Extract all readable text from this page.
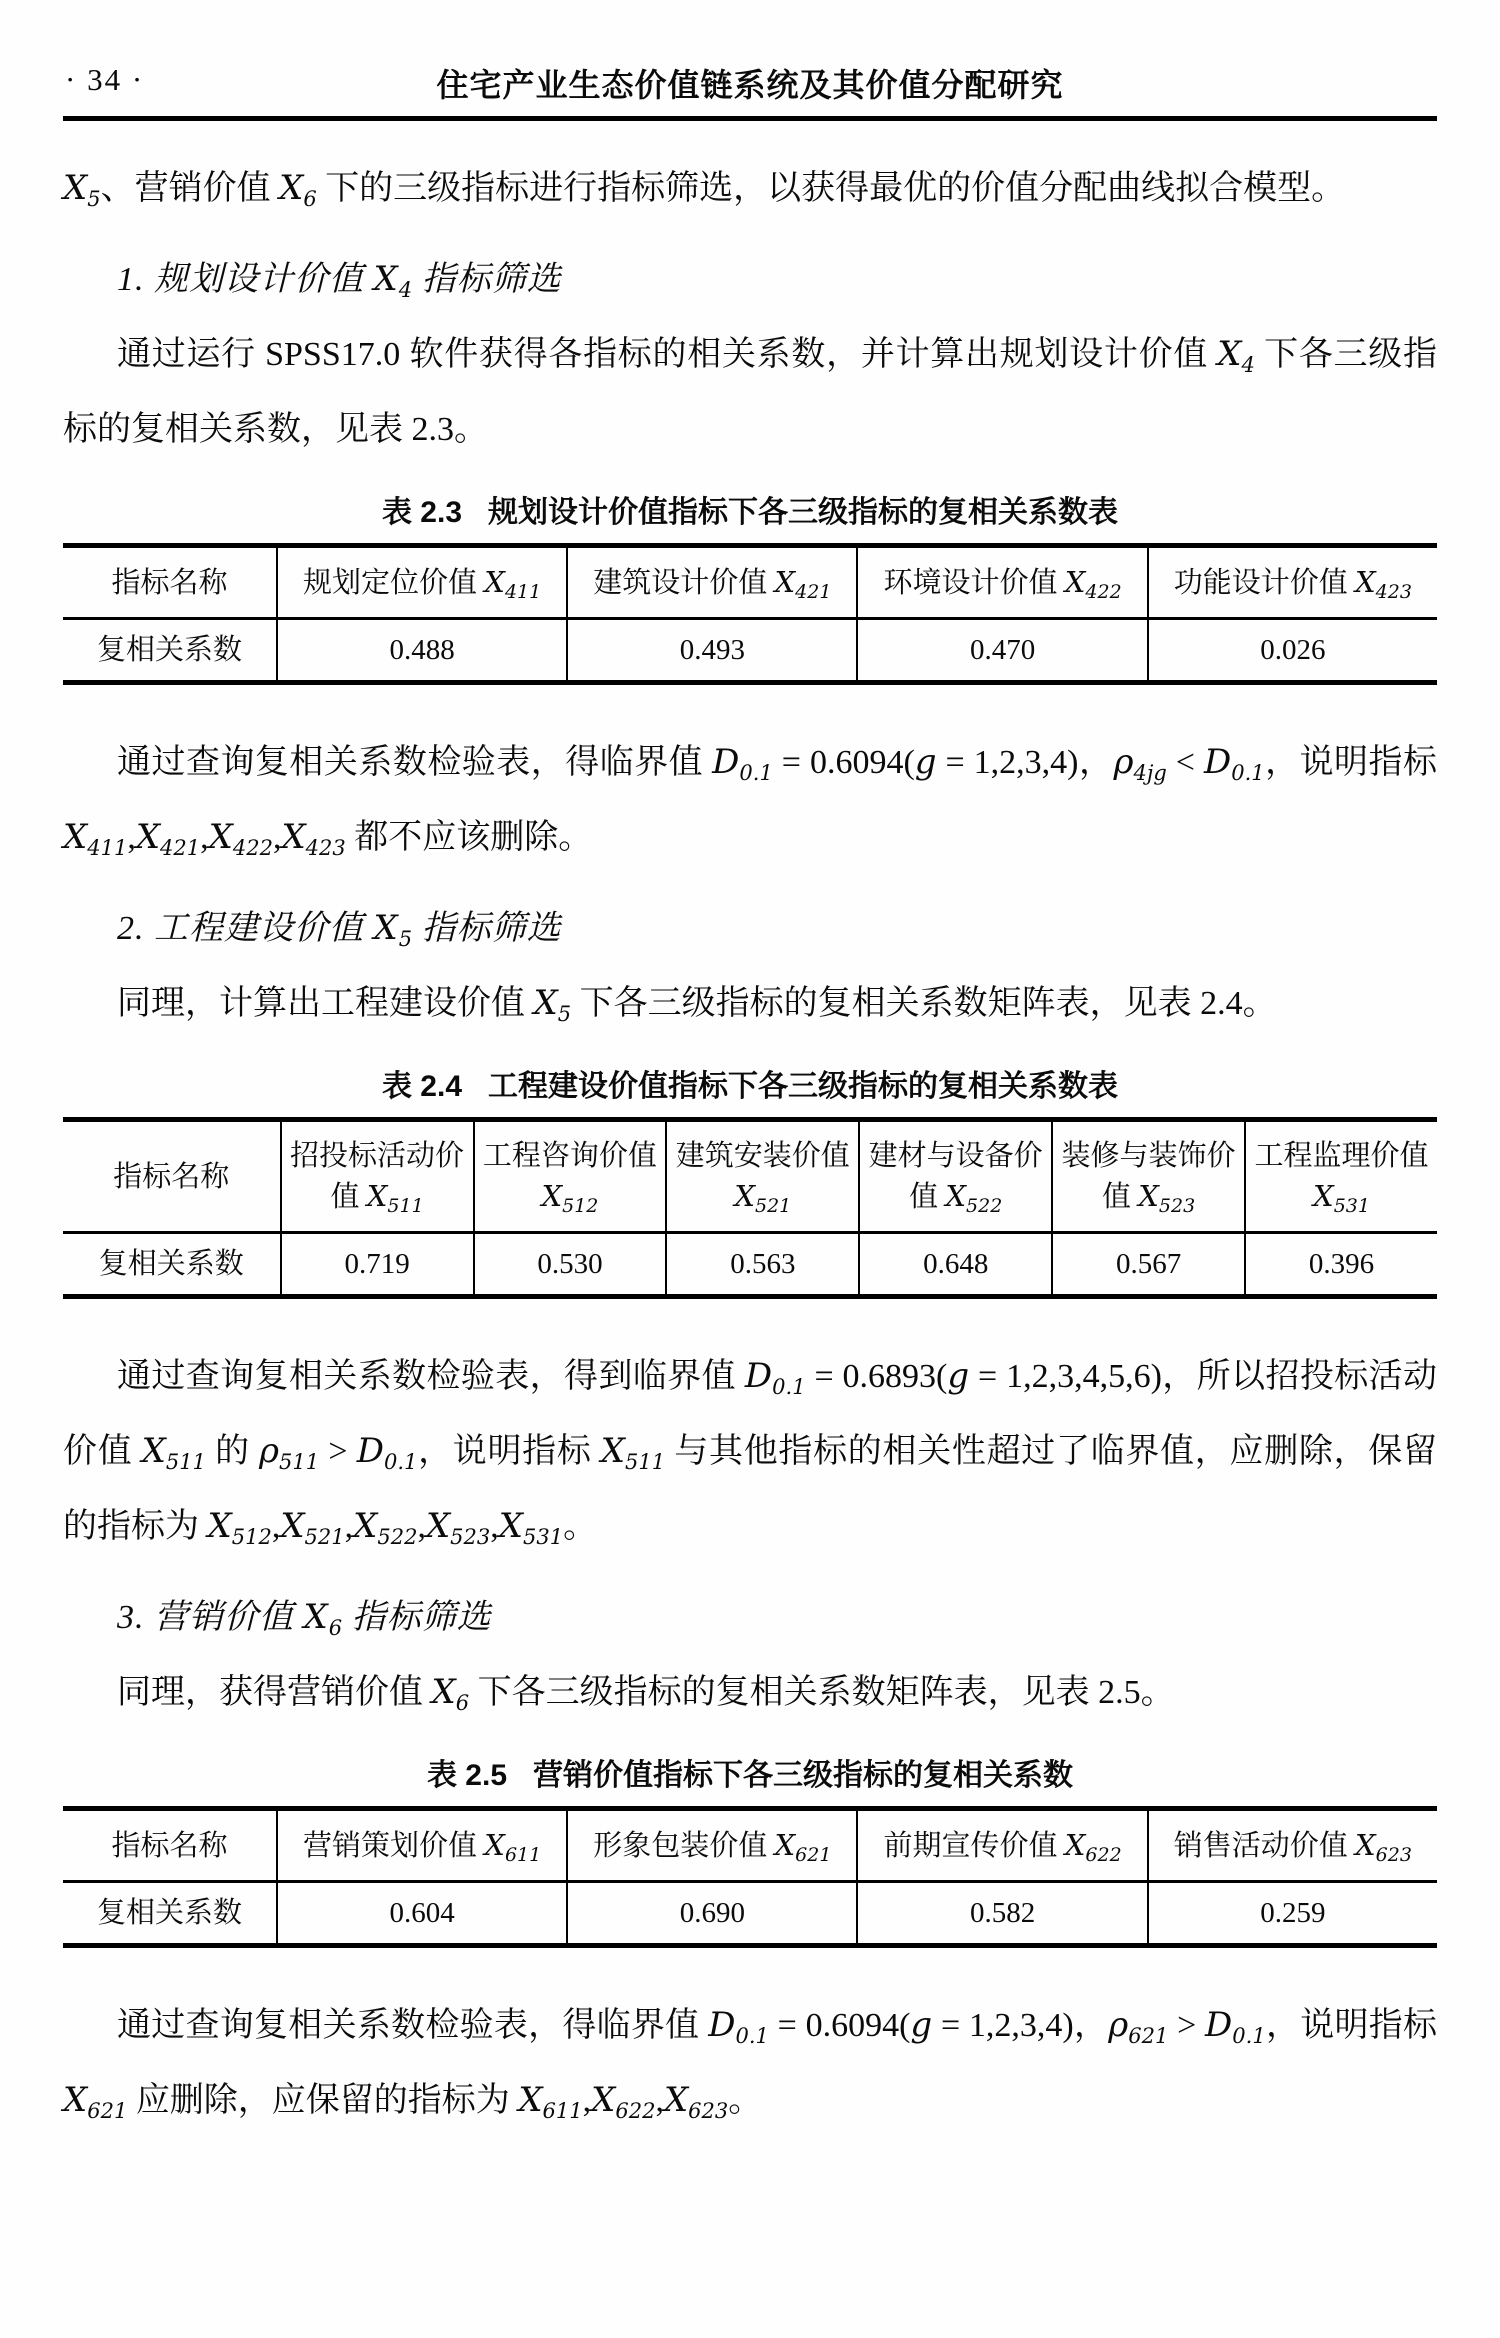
· 34 ·	住宅产业生态价值链系统及其价值分配研究

$X_5$、营销价值 $X_6$ 下的三级指标进行指标筛选，以获得最优的价值分配曲线拟合模型。

1. 规划设计价值 $X_4$ 指标筛选

通过运行 SPSS17.0 软件获得各指标的相关系数，并计算出规划设计价值 $X_4$ 下各三级指标的复相关系数，见表 2.3。

表 2.3 规划设计价值指标下各三级指标的复相关系数表
指标名称	规划定位价值 $X_{411}$	建筑设计价值 $X_{421}$	环境设计价值 $X_{422}$	功能设计价值 $X_{423}$
复相关系数	0.488	0.493	0.470	0.026

通过查询复相关系数检验表，得临界值 $D_{0.1} = 0.6094(g = 1,2,3,4)$，$\rho_{4jg} < D_{0.1}$，说明指标 $X_{411},X_{421},X_{422},X_{423}$ 都不应该删除。

2. 工程建设价值 $X_5$ 指标筛选

同理，计算出工程建设价值 $X_5$ 下各三级指标的复相关系数矩阵表，见表 2.4。

表 2.4 工程建设价值指标下各三级指标的复相关系数表
指标名称	招投标活动价值 $X_{511}$	工程咨询价值 $X_{512}$	建筑安装价值 $X_{521}$	建材与设备价值 $X_{522}$	装修与装饰价值 $X_{523}$	工程监理价值 $X_{531}$
复相关系数	0.719	0.530	0.563	0.648	0.567	0.396

通过查询复相关系数检验表，得到临界值 $D_{0.1} = 0.6893(g = 1,2,3,4,5,6)$，所以招投标活动价值 $X_{511}$ 的 $\rho_{511} > D_{0.1}$，说明指标 $X_{511}$ 与其他指标的相关性超过了临界值，应删除，保留的指标为 $X_{512},X_{521},X_{522},X_{523},X_{531}$。

3. 营销价值 $X_6$ 指标筛选

同理，获得营销价值 $X_6$ 下各三级指标的复相关系数矩阵表，见表 2.5。

表 2.5 营销价值指标下各三级指标的复相关系数
指标名称	营销策划价值 $X_{611}$	形象包装价值 $X_{621}$	前期宣传价值 $X_{622}$	销售活动价值 $X_{623}$
复相关系数	0.604	0.690	0.582	0.259

通过查询复相关系数检验表，得临界值 $D_{0.1} = 0.6094(g = 1,2,3,4)$，$\rho_{621} > D_{0.1}$，说明指标 $X_{621}$ 应删除，应保留的指标为 $X_{611},X_{622},X_{623}$。
